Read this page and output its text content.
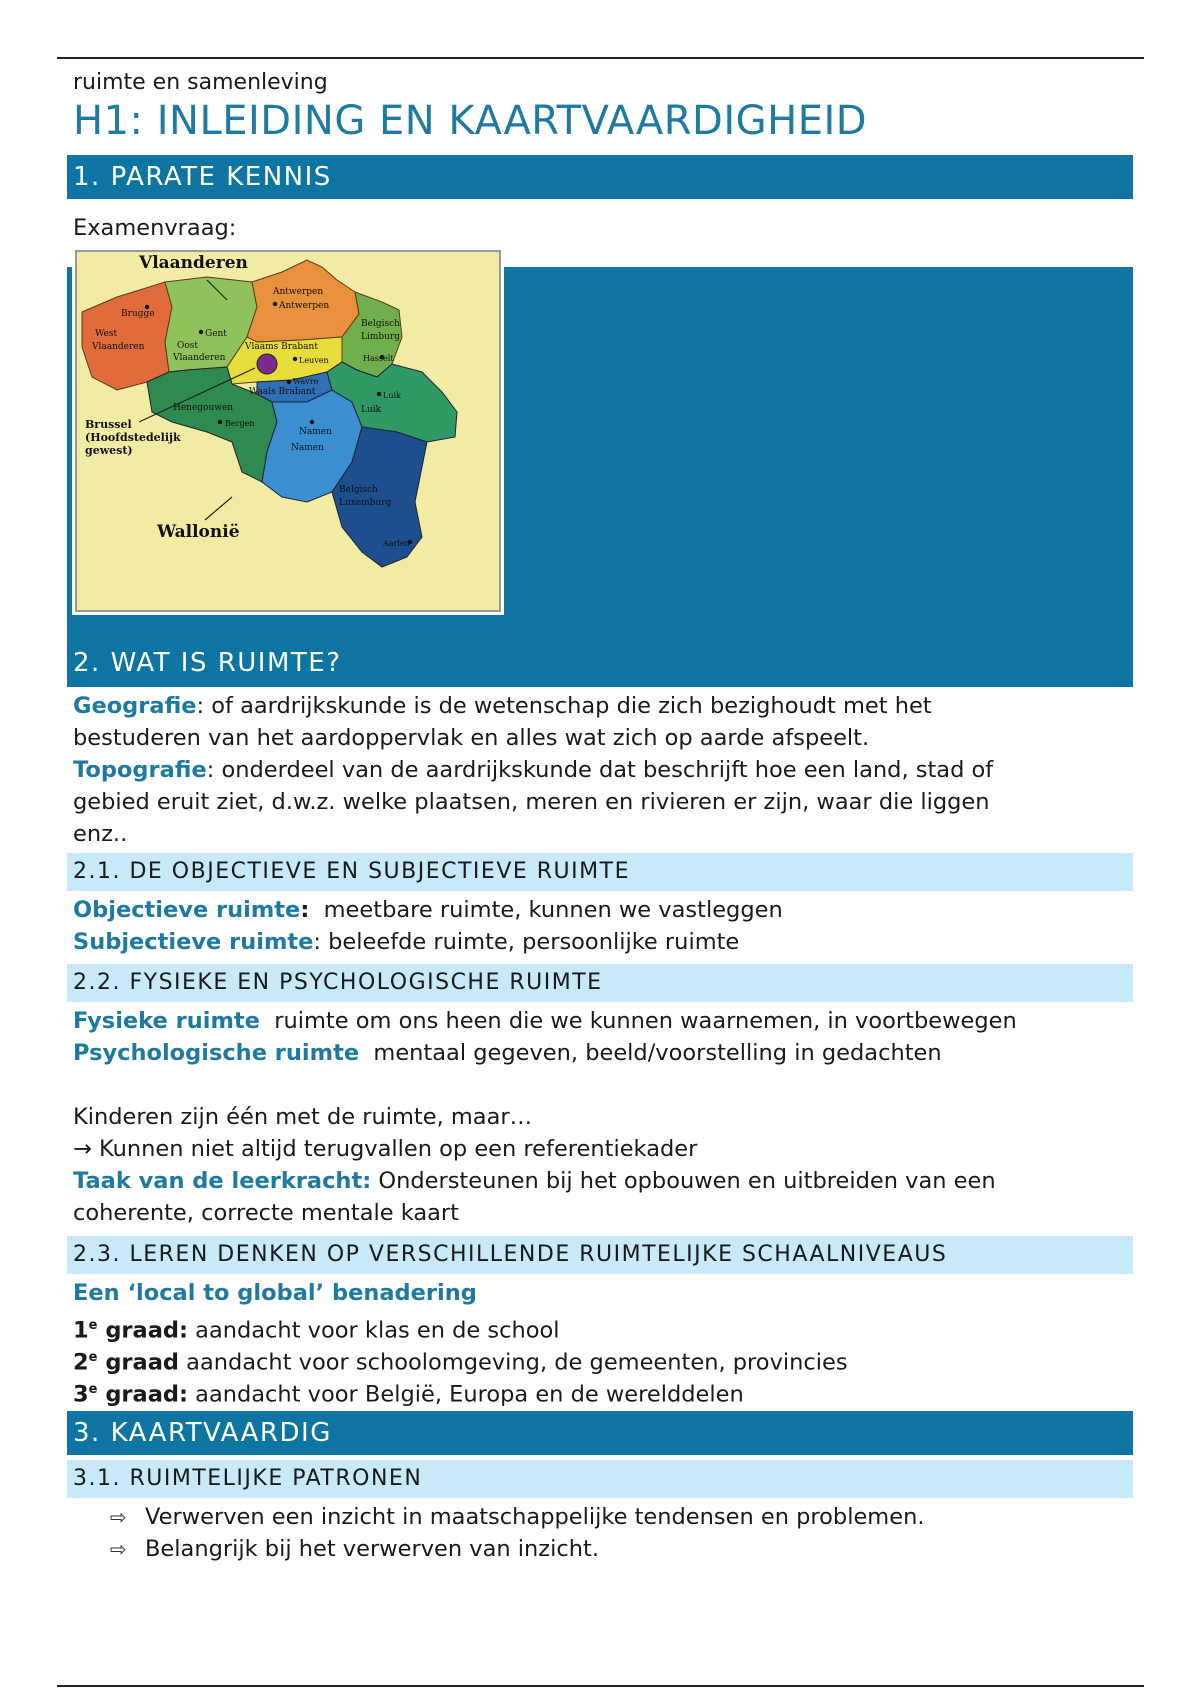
ruimte en samenleving
H1: INLEIDING EN KAARTVAARDIGHEID
1. PARATE KENNIS
Examenvraag:
Vlaanderen
Wallonië
Brussel
(Hoofdstedelijk
gewest)
Brugge
West
Vlaanderen
Gent
Oost
Vlaanderen
Antwerpen
Antwerpen
Belgisch
Limburg
Hasselt
Vlaams Brabant
Leuven
Wavre
Waals Brabant	Luik
Luik
Henegouwen
Bergen
Namen
Namen
Belgisch
Luxemburg
Aarlen
2. WAT IS RUIMTE?
Geografie: of aardrijkskunde is de wetenschap die zich bezighoudt met het
bestuderen van het aardoppervlak en alles wat zich op aarde afspeelt.
Topografie: onderdeel van de aardrijkskunde dat beschrijft hoe een land, stad of
gebied eruit ziet, d.w.z. welke plaatsen, meren en rivieren er zijn, waar die liggen
enz..
2.1. DE OBJECTIEVE EN SUBJECTIEVE RUIMTE
Objectieve ruimte: meetbare ruimte, kunnen we vastleggen
Subjectieve ruimte: beleefde ruimte, persoonlijke ruimte
2.2. FYSIEKE EN PSYCHOLOGISCHE RUIMTE
Fysieke ruimte ruimte om ons heen die we kunnen waarnemen, in voortbewegen
Psychologische ruimte mentaal gegeven, beeld/voorstelling in gedachten
Kinderen zijn één met de ruimte, maar…
→ Kunnen niet altijd terugvallen op een referentiekader
Taak van de leerkracht: Ondersteunen bij het opbouwen en uitbreiden van een
coherente, correcte mentale kaart
2.3. LEREN DENKEN OP VERSCHILLENDE RUIMTELIJKE SCHAALNIVEAUS
Een ‘local to global’ benadering
1e graad: aandacht voor klas en de school
2e graad aandacht voor schoolomgeving, de gemeenten, provincies
3e graad: aandacht voor België, Europa en de werelddelen
3. KAARTVAARDIG
3.1. RUIMTELIJKE PATRONEN
⇨ Verwerven een inzicht in maatschappelijke tendensen en problemen.
⇨ Belangrijk bij het verwerven van inzicht.
